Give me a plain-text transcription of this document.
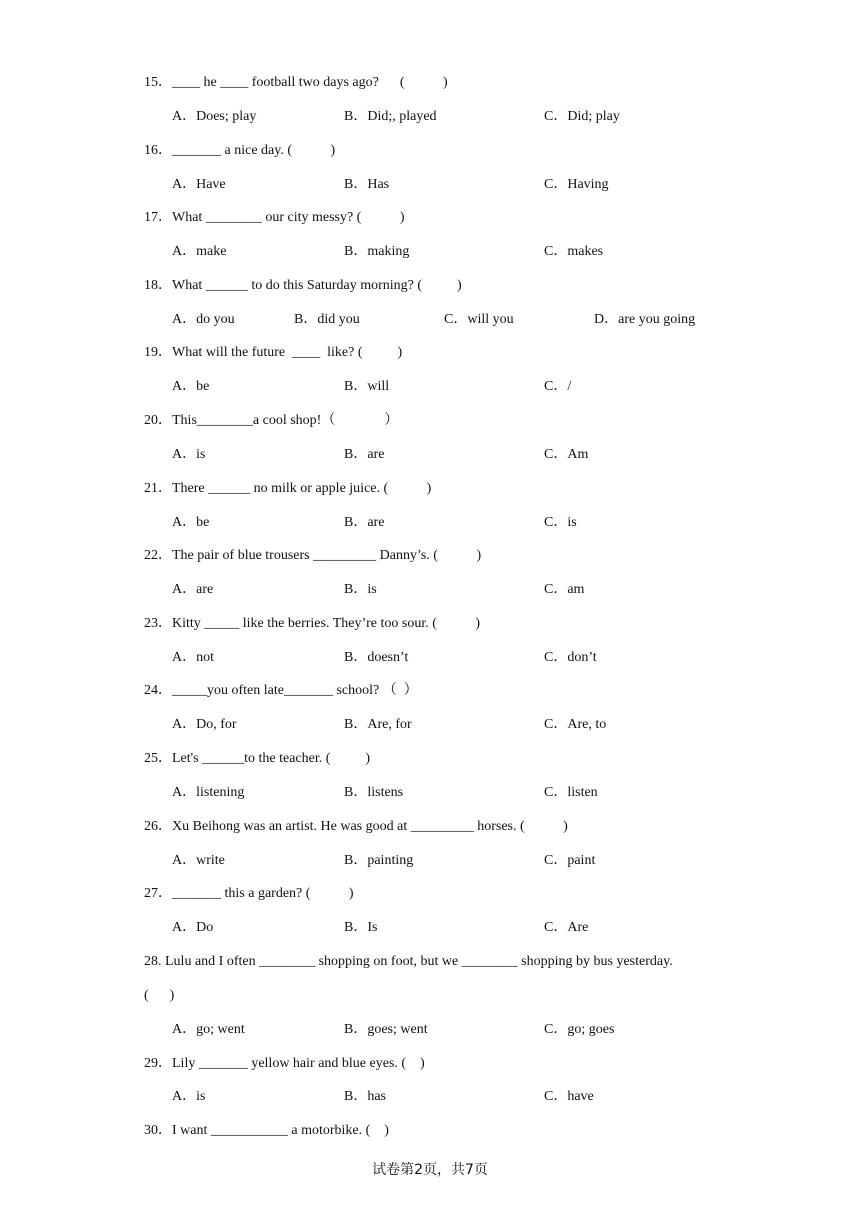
15．____ he ____ football two days ago?      (           )
A．Does; play	B．Did;, played	C．Did; play
16．_______ a nice day. (           )
A．Have	B．Has	C．Having
17．What ________ our city messy? (           )
A．make	B．making	C．makes
18．What ______ to do this Saturday morning? (          )
A．do you	B．did you	C．will you	D．are you going
19．What will the future  ____  like? (          )
A．be	B．will	C．/
20．This________a cool shop!（              ）
A．is	B．are	C．Am
21．There ______ no milk or apple juice. (           )
A．be	B．are	C．is
22．The pair of blue trousers _________ Danny’s. (           )
A．are	B．is	C．am
23．Kitty _____ like the berries. They’re too sour. (           )
A．not	B．doesn’t	C．don’t
24．_____you often late_______ school? （  ）
A．Do, for	B．Are, for	C．Are, to
25．Let's ______to the teacher. (          )
A．listening	B．listens	C．listen
26．Xu Beihong was an artist. He was good at _________ horses. (           )
A．write	B．painting	C．paint
27．_______ this a garden? (           )
A．Do	B．Is	C．Are
28. Lulu and I often ________ shopping on foot, but we ________ shopping by bus yesterday.
(      )
A．go; went	B．goes; went	C．go; goes
29．Lily _______ yellow hair and blue eyes. (    )
A．is	B．has	C．have
30．I want ___________ a motorbike. (    )
试卷第2页，共7页
